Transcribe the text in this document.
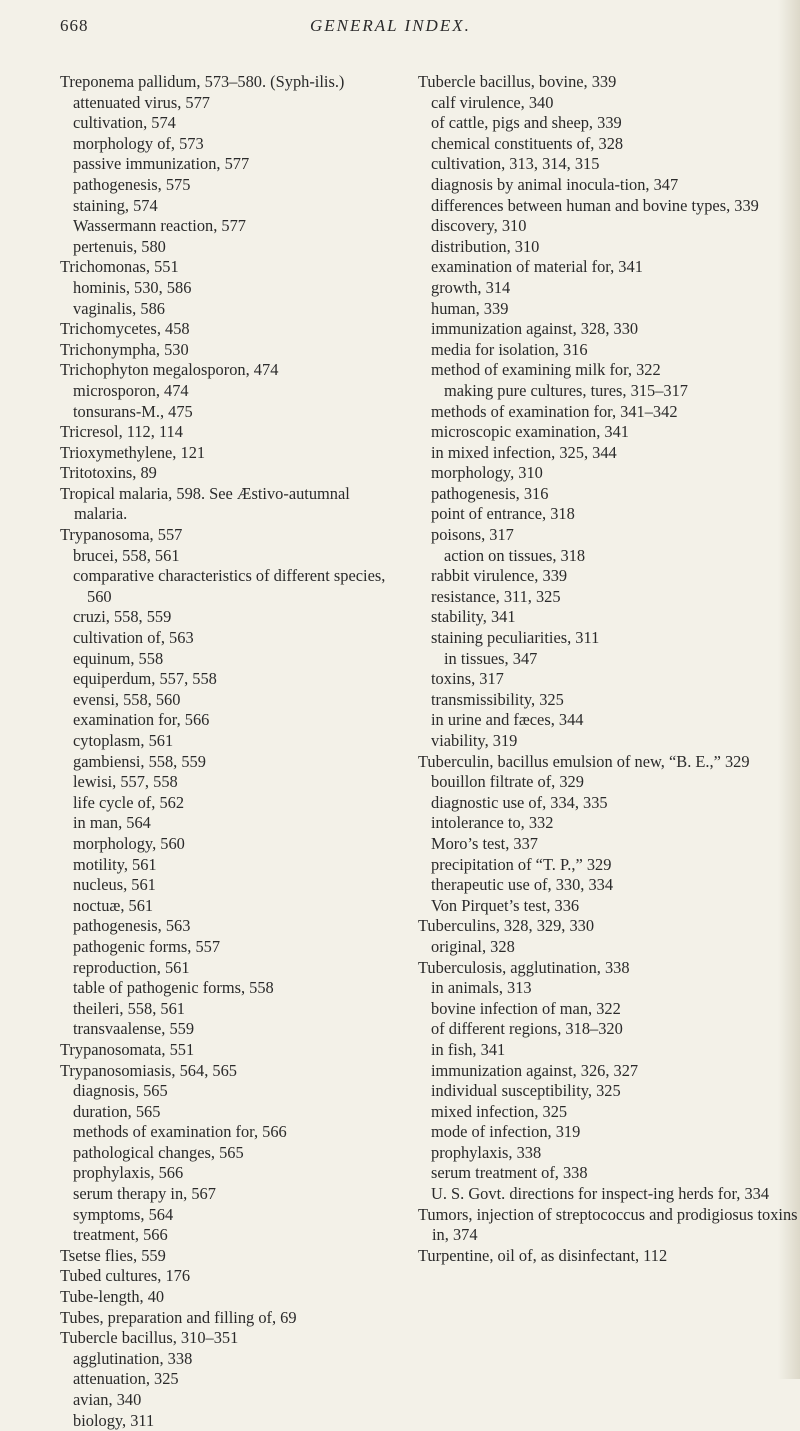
668	GENERAL INDEX.

Treponema pallidum, 573–580. (Syph-ilis.)

attenuated virus, 577

cultivation, 574

morphology of, 573

passive immunization, 577

pathogenesis, 575

staining, 574

Wassermann reaction, 577

pertenuis, 580

Trichomonas, 551

hominis, 530, 586

vaginalis, 586

Trichomycetes, 458

Trichonympha, 530

Trichophyton megalosporon, 474

microsporon, 474

tonsurans-M., 475

Tricresol, 112, 114

Trioxymethylene, 121

Tritotoxins, 89

Tropical malaria, 598. See Æstivo-autumnal malaria.

Trypanosoma, 557

brucei, 558, 561

comparative characteristics of different species, 560

cruzi, 558, 559

cultivation of, 563

equinum, 558

equiperdum, 557, 558

evensi, 558, 560

examination for, 566

cytoplasm, 561

gambiensi, 558, 559

lewisi, 557, 558

life cycle of, 562

in man, 564

morphology, 560

motility, 561

nucleus, 561

noctuæ, 561

pathogenesis, 563

pathogenic forms, 557

reproduction, 561

table of pathogenic forms, 558

theileri, 558, 561

transvaalense, 559

Trypanosomata, 551

Trypanosomiasis, 564, 565

diagnosis, 565

duration, 565

methods of examination for, 566

pathological changes, 565

prophylaxis, 566

serum therapy in, 567

symptoms, 564

treatment, 566

Tsetse flies, 559

Tubed cultures, 176

Tube-length, 40

Tubes, preparation and filling of, 69

Tubercle bacillus, 310–351

agglutination, 338

attenuation, 325

avian, 340

biology, 311

Tubercle bacillus, bovine, 339

calf virulence, 340

of cattle, pigs and sheep, 339

chemical constituents of, 328

cultivation, 313, 314, 315

diagnosis by animal inocula-tion, 347

differences between human and bovine types, 339

discovery, 310

distribution, 310

examination of material for, 341

growth, 314

human, 339

immunization against, 328, 330

media for isolation, 316

method of examining milk for, 322

making pure cultures, tures, 315–317

methods of examination for, 341–342

microscopic examination, 341

in mixed infection, 325, 344

morphology, 310

pathogenesis, 316

point of entrance, 318

poisons, 317

action on tissues, 318

rabbit virulence, 339

resistance, 311, 325

stability, 341

staining peculiarities, 311

in tissues, 347

toxins, 317

transmissibility, 325

in urine and fæces, 344

viability, 319

Tuberculin, bacillus emulsion of new, “B. E.,” 329

bouillon filtrate of, 329

diagnostic use of, 334, 335

intolerance to, 332

Moro’s test, 337

precipitation of “T. P.,” 329

therapeutic use of, 330, 334

Von Pirquet’s test, 336

Tuberculins, 328, 329, 330

original, 328

Tuberculosis, agglutination, 338

in animals, 313

bovine infection of man, 322

of different regions, 318–320

in fish, 341

immunization against, 326, 327

individual susceptibility, 325

mixed infection, 325

mode of infection, 319

prophylaxis, 338

serum treatment of, 338

U. S. Govt. directions for inspect-ing herds for, 334

Tumors, injection of streptococcus and prodigiosus toxins in, 374

Turpentine, oil of, as disinfectant, 112
